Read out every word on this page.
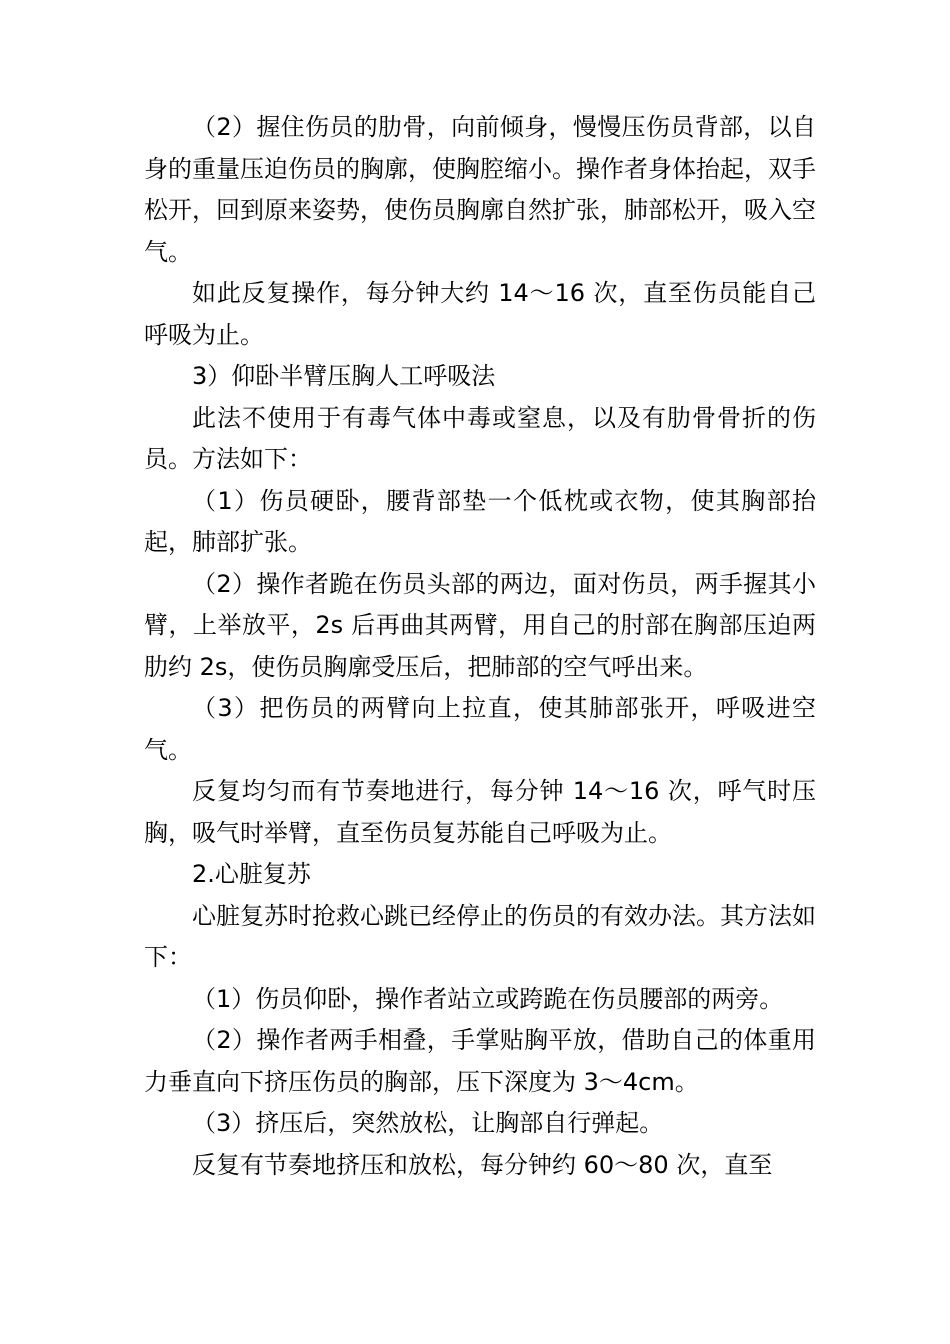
（2）握住伤员的肋骨，向前倾身，慢慢压伤员背部，以自身的重量压迫伤员的胸廓，使胸腔缩小。操作者身体抬起，双手松开，回到原来姿势，使伤员胸廓自然扩张，肺部松开，吸入空气。

如此反复操作，每分钟大约 14～16 次，直至伤员能自己呼吸为止。

3）仰卧半臂压胸人工呼吸法

此法不使用于有毒气体中毒或窒息，以及有肋骨骨折的伤员。方法如下：

（1）伤员硬卧，腰背部垫一个低枕或衣物，使其胸部抬起，肺部扩张。

（2）操作者跪在伤员头部的两边，面对伤员，两手握其小臂，上举放平，2s 后再曲其两臂，用自己的肘部在胸部压迫两肋约 2s，使伤员胸廓受压后，把肺部的空气呼出来。

（3）把伤员的两臂向上拉直，使其肺部张开，呼吸进空气。

反复均匀而有节奏地进行，每分钟 14～16 次，呼气时压胸，吸气时举臂，直至伤员复苏能自己呼吸为止。

2.心脏复苏

心脏复苏时抢救心跳已经停止的伤员的有效办法。其方法如下：

（1）伤员仰卧，操作者站立或跨跪在伤员腰部的两旁。

（2）操作者两手相叠，手掌贴胸平放，借助自己的体重用力垂直向下挤压伤员的胸部，压下深度为 3～4cm。

（3）挤压后，突然放松，让胸部自行弹起。

反复有节奏地挤压和放松，每分钟约 60～80 次，直至
